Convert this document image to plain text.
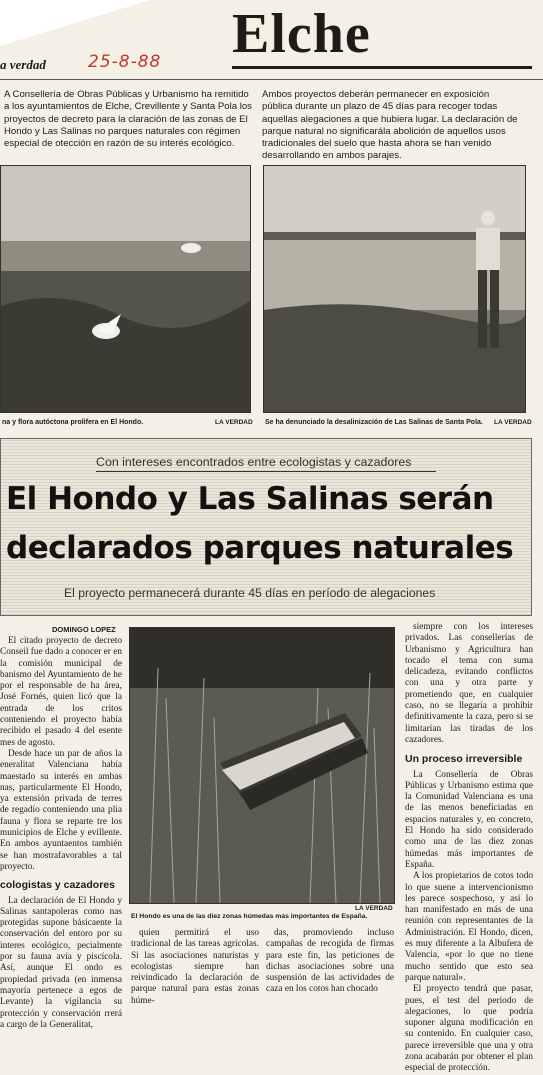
Elche
a verdad 25-8-88
A Consellería de Obras Públicas y Urbanismo ha remitido a los ayuntamientos de Elche, Crevillente y Santa Pola los proyectos de decreto para la claración de las zonas de El Hondo y Las Salinas no parques naturales con régimen especial de otección en razón de su interés ecológico.
Ambos proyectos deberán permanecer en exposición pública durante un plazo de 45 días para recoger todas aquellas alegaciones a que hubiera lugar. La declaración de parque natural no significarála abolición de aquellos usos tradicionales del suelo que hasta ahora se han venido desarrollando en ambos parajes.
na y flora autóctona prolifera en El Hondo.	LA VERDAD Se ha denunciado la desalinización de Las Salinas de Santa Pola. LA VERDAD
Con intereses encontrados entre ecologistas y cazadores
El Hondo y Las Salinas serán
declarados parques naturales
El proyecto permanecerá durante 45 días en período de alegaciones
DOMINGO LOPEZ

El citado proyecto de decreto Conseil fue dado a conocer er en la comisión municipal de banismo del Ayuntamiento de he por el responsable de ha área, José Fornés, quien licó que la entrada de los critos conteniendo el proyecto había recibido el pasado 4 del esente mes de agosto.

Desde hace un par de años la eneralitat Valenciana había maestado su interés en ambas nas, particularmente El Hondo, ya extensión privada de terres de regadío conteniendo una plia fauna y flora se reparte tre los municipios de Elche y evillente. En ambos ayuntaentos también se han mostrafavorables a tal proyecto.

cologistas y cazadores

La declaración de El Hondo y Salinas santapoleras como nas protegidas supone básicaente la conservación del entoro por su interes ecológico, pecialmente por su fauna avía y piscícola. Así, aunque El ondo es propiedad privada (en inmensa mayoría pertenece a egos de Levante) la vigilancia su protección y conservación rrerá a cargo de la Generalitat,

El Hondo es una de las diez zonas húmedas más importantes de España.
LA VERDAD

quien permitirá el uso tradicional de las tareas agrícolas. Si las asociaciones naturistas y ecologistas siempre han reivindicado la declaración de parque natural para estas zonas húme-

das, promoviendo incluso campañas de recogida de firmas para este fin, las peticiones de dichas asociaciones sobre una suspensión de las actividades de caza en los cotos han chocado

siempre con los intereses privados. Las consellerías de Urbanismo y Agricultura han tocado el tema con suma delicadeza, evitando conflictos con una y otra parte y prometiendo que, en cualquier caso, no se llegaría a prohibir definitivamente la caza, pero si se limitarían las tiradas de los cazadores.

Un proceso irreversible

La Consellería de Obras Públicas y Urbanismo estima que la Comunidad Valenciana es una de las menos beneficiadas en espacios naturales y, en concreto, El Hondo ha sido considerado como una de las diez zonas húmedas más importantes de España.

A los propietarios de cotos todo lo que suene a intervencionismo les parece sospechoso, y así lo han manifestado en más de una reunión con representantes de la Administración. El Hondo, dicen, es muy diferente a la Albufera de Valencia, «por lo que no tiene mucho sentido que esto sea parque natural».

El proyecto tendrá que pasar, pues, el test del período de alegaciones, lo que podría suponer alguna modificación en su contenido. En cualquier caso, parece irreversible que una y otra zona acabarán por obtener el plan especial de protección.
